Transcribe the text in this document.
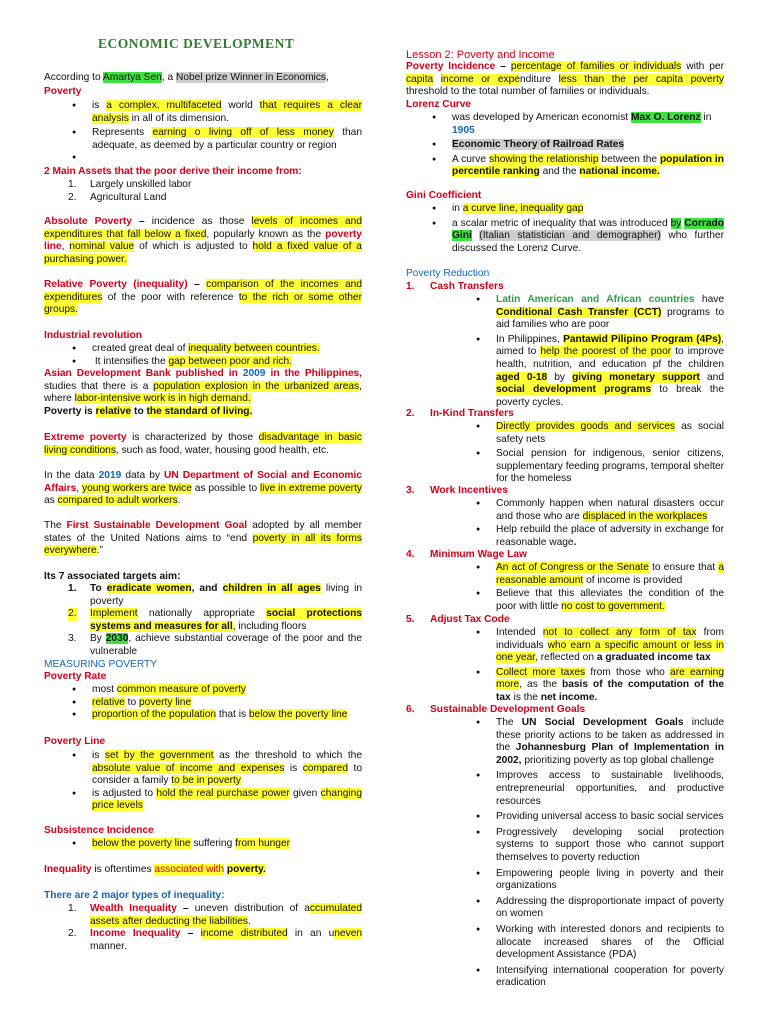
ECONOMIC DEVELOPMENT
According to Amartya Sen, a Nobel prize Winner in Economics,
Poverty
● is a complex, multifaceted world that requires a clear analysis in all of its dimension.
● Represents earning o living off of less money than adequate, as deemed by a particular country or region
●
2 Main Assets that the poor derive their income from:
1. Largely unskilled labor
2. Agricultural Land
Absolute Poverty – incidence as those levels of incomes and expenditures that fall below a fixed, popularly known as the poverty line, nominal value of which is adjusted to hold a fixed value of a purchasing power.
Relative Poverty (inequality) – comparison of the incomes and expenditures of the poor with reference to the rich or some other groups.
Industrial revolution
● created great deal of inequality between countries.
● It intensifies the gap between poor and rich.
Asian Development Bank published in 2009 in the Philippines, studies that there is a population explosion in the urbanized areas, where labor-intensive work is in high demand.
Poverty is relative to the standard of living.
Extreme poverty is characterized by those disadvantage in basic living conditions, such as food, water, housing good health, etc.
In the data 2019 data by UN Department of Social and Economic Affairs, young workers are twice as possible to live in extreme poverty as compared to adult workers.
The First Sustainable Development Goal adopted by all member states of the United Nations aims to “end poverty in all its forms everywhere.”
Its 7 associated targets aim:
1. To eradicate women, and children in all ages living in poverty
2. Implement nationally appropriate social protections systems and measures for all, including floors
3. By 2030, achieve substantial coverage of the poor and the vulnerable
MEASURING POVERTY
Poverty Rate
● most common measure of poverty
● relative to poverty line
● proportion of the population that is below the poverty line
Poverty Line
● is set by the government as the threshold to which the absolute value of income and expenses is compared to consider a family to be in poverty
● is adjusted to hold the real purchase power given changing price levels
Subsistence Incidence
● below the poverty line suffering from hunger
Inequality is oftentimes associated with poverty.
There are 2 major types of inequality:
1. Wealth Inequality – uneven distribution of accumulated assets after deducting the liabilities.
2. Income Inequality – income distributed in an uneven manner.
Lesson 2: Poverty and Income
Poverty Incidence – percentage of families or individuals with per capita income or expenditure less than the per capita poverty threshold to the total number of families or individuals.
Lorenz Curve
● was developed by American economist Max O. Lorenz in
1905
● Economic Theory of Railroad Rates
● A curve showing the relationship between the population in percentile ranking and the national income.
Gini Coefficient
● in a curve line, inequality gap
● a scalar metric of inequality that was introduced by Corrado Gini (Italian statistician and demographer) who further discussed the Lorenz Curve.
Poverty Reduction
1. Cash Transfers
● Latin American and African countries have Conditional Cash Transfer (CCT) programs to aid families who are poor
● In Philippines, Pantawid Pilipino Program (4Ps), aimed to help the poorest of the poor to improve health, nutrition, and education pf the children aged 0-18 by giving monetary support and social development programs to break the poverty cycles.
2. In-Kind Transfers
● Directly provides goods and services as social safety nets
● Social pension for indigenous, senior citizens, supplementary feeding programs, temporal shelter for the homeless
3. Work Incentives
● Commonly happen when natural disasters occur and those who are displaced in the workplaces
● Help rebuild the place of adversity in exchange for reasonable wage.
4. Minimum Wage Law
● An act of Congress or the Senate to ensure that a reasonable amount of income is provided
● Believe that this alleviates the condition of the poor with little no cost to government.
5. Adjust Tax Code
● Intended not to collect any form of tax from individuals who earn a specific amount or less in one year, reflected on a graduated income tax
● Collect more taxes from those who are earning more, as the basis of the computation of the tax is the net income.
6. Sustainable Development Goals
● The UN Social Development Goals include these priority actions to be taken as addressed in the Johannesburg Plan of Implementation in 2002, prioritizing poverty as top global challenge
● Improves access to sustainable livelihoods, entrepreneurial opportunities, and productive resources
● Providing universal access to basic social services
● Progressively developing social protection systems to support those who cannot support themselves to poverty reduction
● Empowering people living in poverty and their organizations
● Addressing the disproportionate impact of poverty on women
● Working with interested donors and recipients to allocate increased shares of the Official development Assistance (PDA)
● Intensifying international cooperation for poverty eradication
